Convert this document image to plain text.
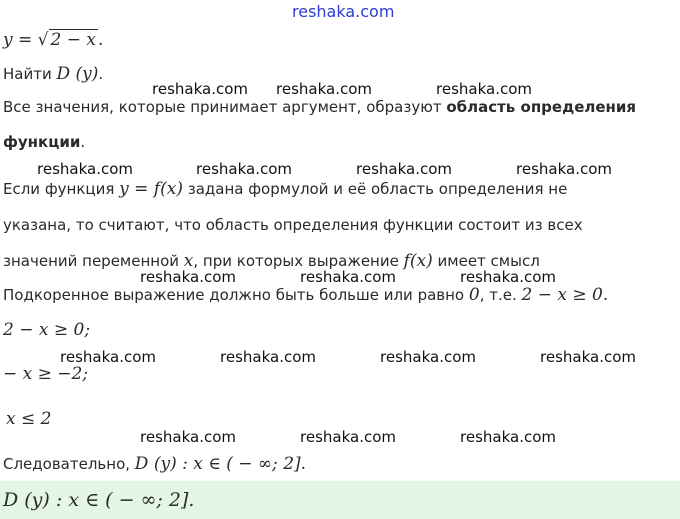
reshaka.com
y = √ 2 − x .
Найти D (y).
reshaka.com reshaka.com	reshaka.com
Все значения, которые принимает аргумент, образуют область определения
функции.
reshaka.com	reshaka.com	reshaka.com	reshaka.com
Если функция y = f(x) задана формулой и её область определения не
указана, то считают, что область определения функции состоит из всех
значений переменной x, при которых выражение f(x) имеет смысл
reshaka.com	reshaka.com	reshaka.com
Подкоренное выражение должно быть больше или равно 0, т.е. 2 − x ≥ 0.
2 − x ≥ 0;
reshaka.com	reshaka.com	reshaka.com	reshaka.com
− x ≥ −2;
x ≤ 2
reshaka.com	reshaka.com	reshaka.com
Следовательно, D (y) : x ∈ ( − ∞; 2].
D (y) : x ∈ ( − ∞; 2].
